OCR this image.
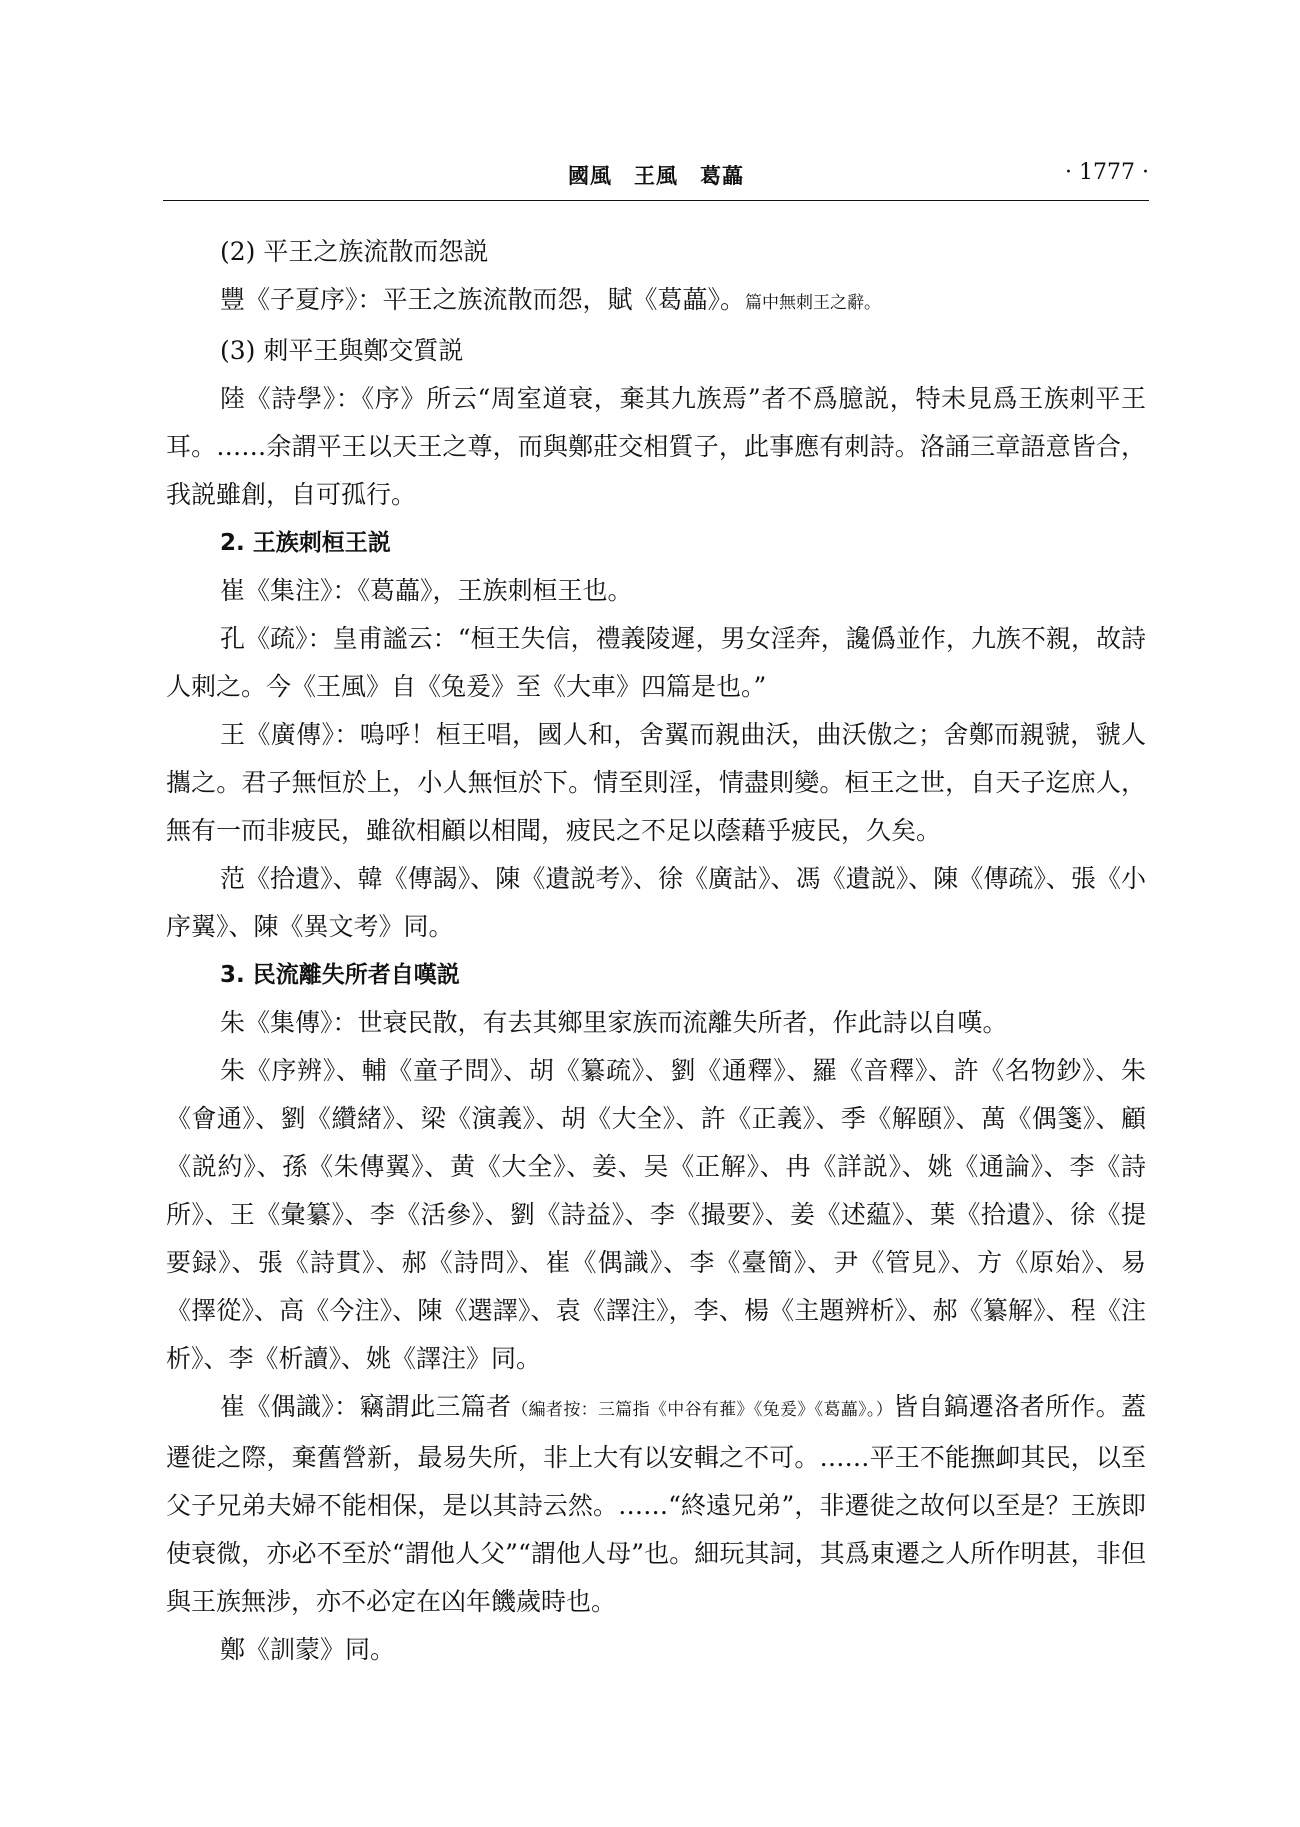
國風　王風　葛藟	· 1777 ·

(2) 平王之族流散而怨説

豐《子夏序》：平王之族流散而怨，賦《葛藟》。篇中無刺王之辭。

(3) 刺平王與鄭交質説

陸《詩學》：《序》所云“周室道衰，棄其九族焉”者不爲臆説，特未見爲王族刺平王耳。……余謂平王以天王之尊，而與鄭莊交相質子，此事應有刺詩。洛誦三章語意皆合，我説雖創，自可孤行。

2. 王族刺桓王説

崔《集注》：《葛藟》，王族刺桓王也。

孔《疏》：皇甫謐云：“桓王失信，禮義陵遲，男女淫奔，讒僞並作，九族不親，故詩人刺之。今《王風》自《兔爰》至《大車》四篇是也。”

王《廣傳》：嗚呼！桓王唱，國人和，舍翼而親曲沃，曲沃傲之；舍鄭而親虢，虢人攜之。君子無恒於上，小人無恒於下。情至則淫，情盡則變。桓王之世，自天子迄庶人，無有一而非疲民，雖欲相顧以相聞，疲民之不足以蔭藉乎疲民，久矣。

范《拾遺》、韓《傳謁》、陳《遺説考》、徐《廣詁》、馮《遺説》、陳《傳疏》、張《小序翼》、陳《異文考》同。

3. 民流離失所者自嘆説

朱《集傳》：世衰民散，有去其鄉里家族而流離失所者，作此詩以自嘆。

朱《序辨》、輔《童子問》、胡《纂疏》、劉《通釋》、羅《音釋》、許《名物鈔》、朱《會通》、劉《纘緒》、梁《演義》、胡《大全》、許《正義》、季《解頤》、萬《偶箋》、顧《説約》、孫《朱傳翼》、黄《大全》、姜、吴《正解》、冉《詳説》、姚《通論》、李《詩所》、王《彙纂》、李《活參》、劉《詩益》、李《撮要》、姜《述藴》、葉《拾遺》、徐《提要録》、張《詩貫》、郝《詩問》、崔《偶識》、李《臺簡》、尹《管見》、方《原始》、易《擇從》、高《今注》、陳《選譯》、袁《譯注》，李、楊《主題辨析》、郝《纂解》、程《注析》、李《析讀》、姚《譯注》同。

崔《偶識》：竊謂此三篇者（編者按：三篇指《中谷有蓷》《兔爰》《葛藟》。）皆自鎬遷洛者所作。蓋遷徙之際，棄舊營新，最易失所，非上大有以安輯之不可。……平王不能撫卹其民，以至父子兄弟夫婦不能相保，是以其詩云然。……“終遠兄弟”，非遷徙之故何以至是？王族即使衰微，亦必不至於“謂他人父”“謂他人母”也。細玩其詞，其爲東遷之人所作明甚，非但與王族無涉，亦不必定在凶年饑歲時也。

鄭《訓蒙》同。
